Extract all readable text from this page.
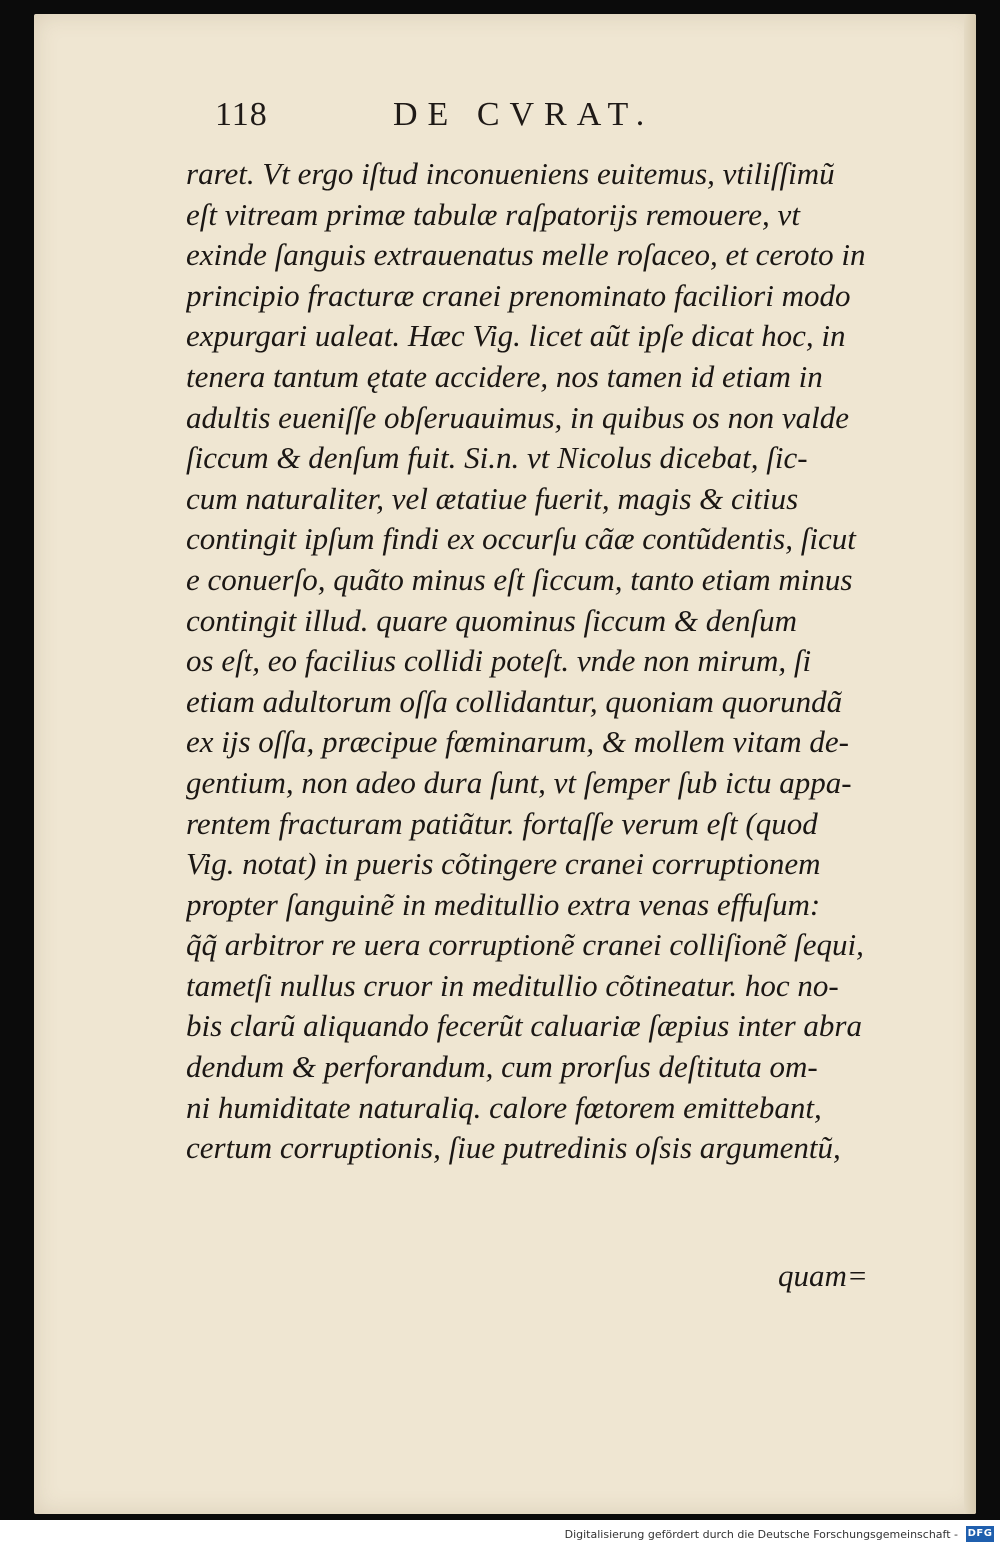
118	DE CVRAT.
raret. Vt ergo iſtud inconueniens euitemus, vtiliſſimũ
eſt vitream primæ tabulæ raſpatorijs remouere, vt
exinde ſanguis extrauenatus melle roſaceo, et ceroto in
principio fracturæ cranei prenominato faciliori modo
expurgari ualeat. Hæc Vig. licet aũt ipſe dicat hoc, in
tenera tantum ętate accidere, nos tamen id etiam in
adultis eueniſſe obſeruauimus, in quibus os non valde
ſiccum & denſum fuit. Si.n. vt Nicolus dicebat, ſic-
cum naturaliter, vel ætatiue fuerit, magis & citius
contingit ipſum findi ex occurſu cãæ contũdentis, ſicut
e conuerſo, quãto minus eſt ſiccum, tanto etiam minus
contingit illud. quare quominus ſiccum & denſum
os eſt, eo facilius collidi poteſt. vnde non mirum, ſi
etiam adultorum oſſa collidantur, quoniam quorundã
ex ijs oſſa, præcipue fœminarum, & mollem vitam de-
gentium, non adeo dura ſunt, vt ſemper ſub ictu appa-
rentem fracturam patiãtur. fortaſſe verum eſt (quod
Vig. notat) in pueris cõtingere cranei corruptionem
propter ſanguinẽ in meditullio extra venas effuſum:
q̃q̃ arbitror re uera corruptionẽ cranei colliſionẽ ſequi,
tametſi nullus cruor in meditullio cõtineatur. hoc no-
bis clarũ aliquando fecerũt caluariæ ſæpius inter abra
dendum & perforandum, cum prorſus deſtituta om-
ni humiditate naturaliq. calore fœtorem emittebant,
certum corruptionis, ſiue putredinis oſsis argumentũ,
quam=
Digitalisierung gefördert durch die Deutsche Forschungsgemeinschaft - DFG
